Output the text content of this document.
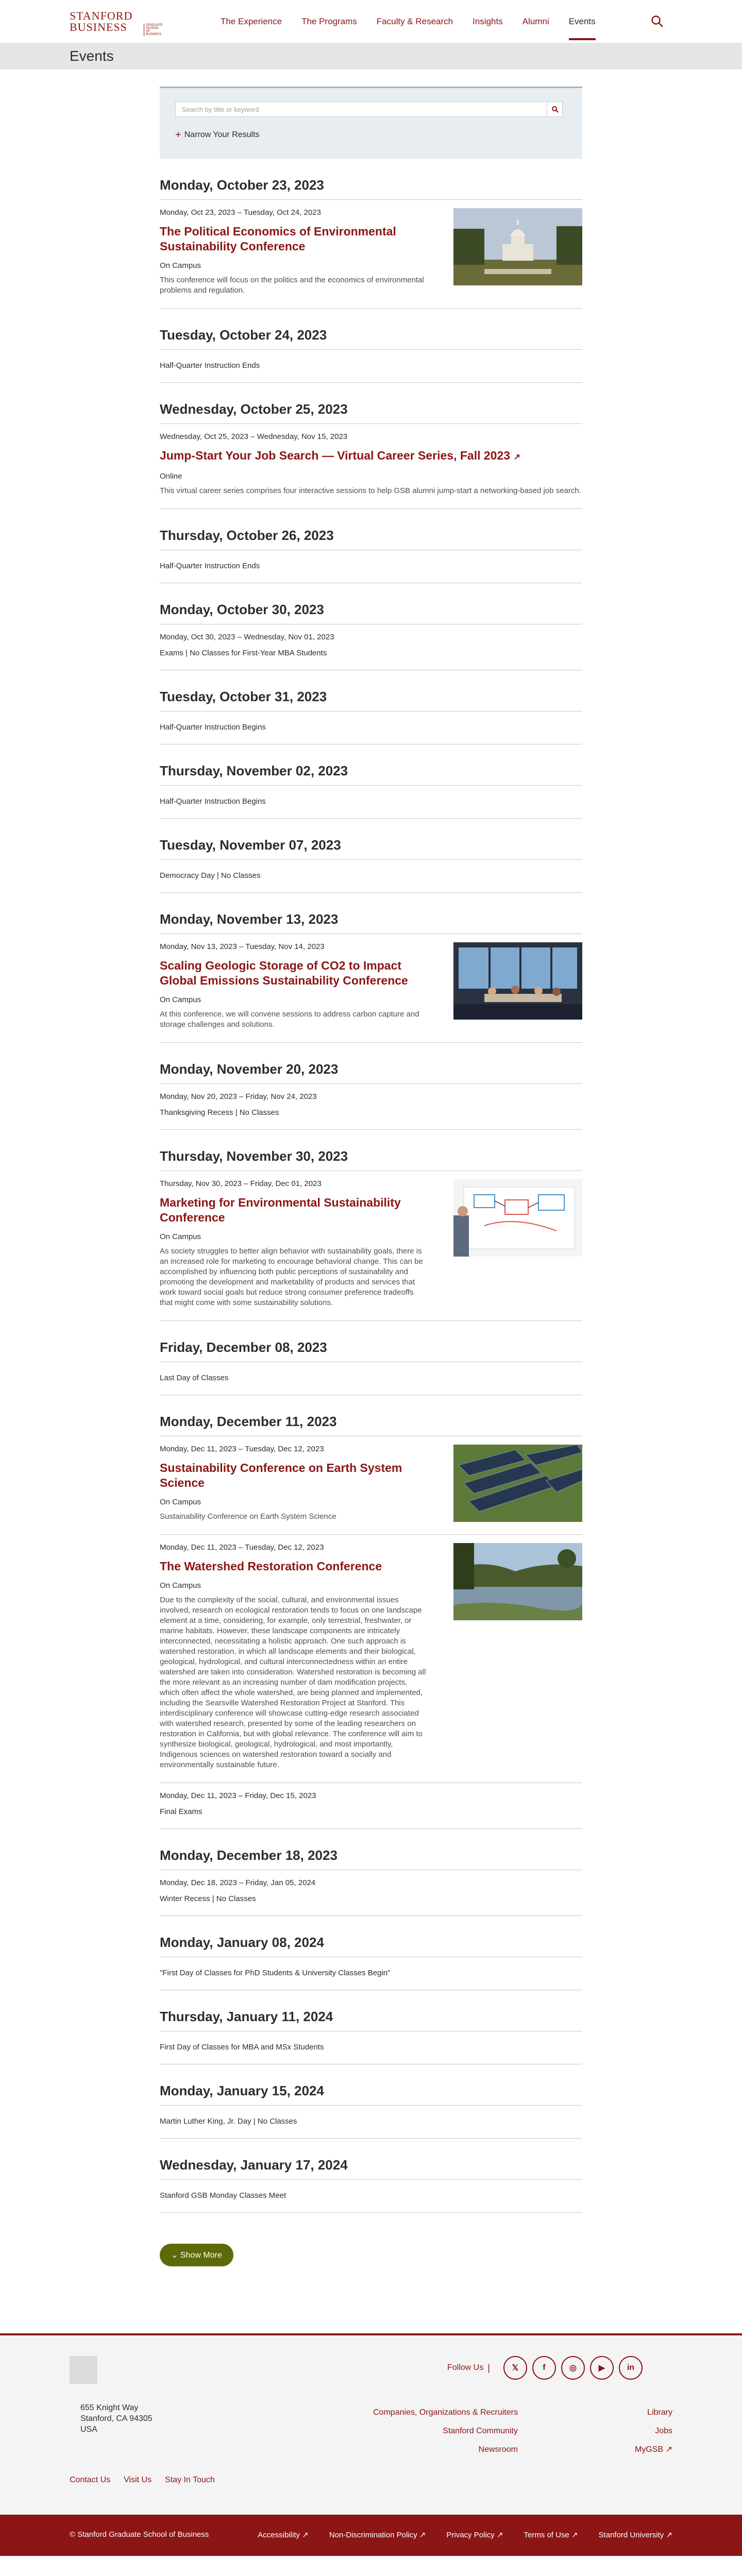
STANFORD
BUSINESS	GRADUATE SCHOOL OF BUSINESS
The Experience The Programs Faculty & Research Insights Alumni Events
Events
Search by title or keyword
+ Narrow Your Results
Monday, October 23, 2023
Monday, Oct 23, 2023 – Tuesday, Oct 24, 2023
The Political Economics of Environmental Sustainability Conference
On Campus

This conference will focus on the politics and the economics of environmental problems and regulation.

Tuesday, October 24, 2023
Half-Quarter Instruction Ends
Wednesday, October 25, 2023
Wednesday, Oct 25, 2023 – Wednesday, Nov 15, 2023
Jump-Start Your Job Search — Virtual Career Series, Fall 2023 ↗
Online

This virtual career series comprises four interactive sessions to help GSB alumni jump-start a networking-based job search.

Thursday, October 26, 2023
Half-Quarter Instruction Ends
Monday, October 30, 2023
Monday, Oct 30, 2023 – Wednesday, Nov 01, 2023
Exams | No Classes for First-Year MBA Students
Tuesday, October 31, 2023
Half-Quarter Instruction Begins
Thursday, November 02, 2023
Half-Quarter Instruction Begins
Tuesday, November 07, 2023
Democracy Day | No Classes
Monday, November 13, 2023
Monday, Nov 13, 2023 – Tuesday, Nov 14, 2023
Scaling Geologic Storage of CO2 to Impact Global Emissions Sustainability Conference
On Campus

At this conference, we will convene sessions to address carbon capture and storage challenges and solutions.

Monday, November 20, 2023
Monday, Nov 20, 2023 – Friday, Nov 24, 2023
Thanksgiving Recess | No Classes
Thursday, November 30, 2023
Thursday, Nov 30, 2023 – Friday, Dec 01, 2023
Marketing for Environmental Sustainability Conference
On Campus

As society struggles to better align behavior with sustainability goals, there is an increased role for marketing to encourage behavioral change. This can be accomplished by influencing both public perceptions of sustainability and promoting the development and marketability of products and services that work toward social goals but reduce strong consumer preference tradeoffs that might come with some sustainability solutions.

Friday, December 08, 2023
Last Day of Classes
Monday, December 11, 2023
Monday, Dec 11, 2023 – Tuesday, Dec 12, 2023
Sustainability Conference on Earth System Science
On Campus

Sustainability Conference on Earth System Science

Monday, Dec 11, 2023 – Tuesday, Dec 12, 2023
The Watershed Restoration Conference
On Campus

Due to the complexity of the social, cultural, and environmental issues involved, research on ecological restoration tends to focus on one landscape element at a time, considering, for example, only terrestrial, freshwater, or marine habitats. However, these landscape components are intricately interconnected, necessitating a holistic approach. One such approach is watershed restoration, in which all landscape elements and their biological, geological, hydrological, and cultural interconnectedness within an entire watershed are taken into consideration. Watershed restoration is becoming all the more relevant as an increasing number of dam modification projects, which often affect the whole watershed, are being planned and implemented, including the Searsville Watershed Restoration Project at Stanford. This interdisciplinary conference will showcase cutting-edge research associated with watershed research, presented by some of the leading researchers on restoration in California, but with global relevance. The conference will aim to synthesize biological, geological, hydrological, and most importantly, Indigenous sciences on watershed restoration toward a socially and environmentally sustainable future.

Monday, Dec 11, 2023 – Friday, Dec 15, 2023
Final Exams
Monday, December 18, 2023
Monday, Dec 18, 2023 – Friday, Jan 05, 2024
Winter Recess | No Classes
Monday, January 08, 2024
"First Day of Classes for PhD Students & University Classes Begin"
Thursday, January 11, 2024
First Day of Classes for MBA and MSx Students
Monday, January 15, 2024
Martin Luther King, Jr. Day | No Classes
Wednesday, January 17, 2024
Stanford GSB Monday Classes Meet
⌄ Show More
Follow Us |	𝕏	f	◎	▶	in
655 Knight Way
Stanford, CA 94305
USA
Companies, Organizations & Recruiters
Stanford Community
Newsroom
Library
Jobs
MyGSB ↗
Contact Us Visit Us Stay In Touch
© Stanford Graduate School of Business	Accessibility ↗	Non-Discrimination Policy ↗	Privacy Policy ↗	Terms of Use ↗	Stanford University ↗
